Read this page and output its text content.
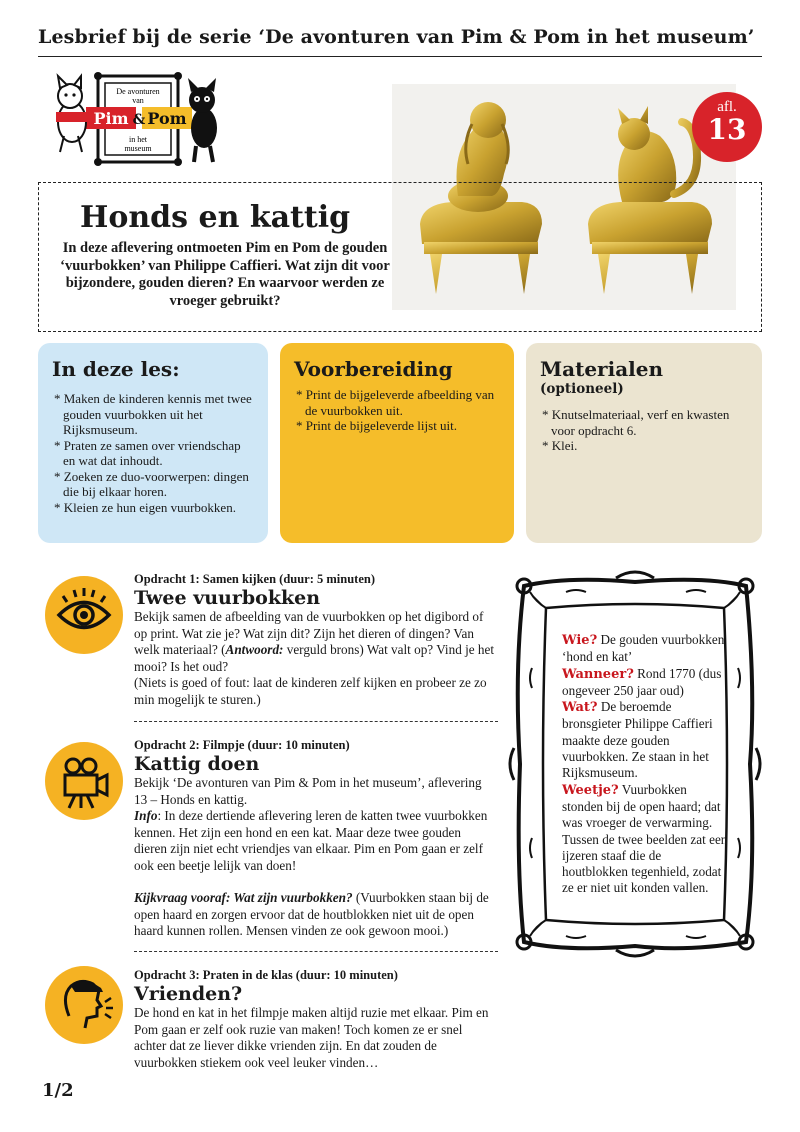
Lesbrief bij de serie ‘De avonturen van Pim & Pom in het museum’
De avonturen
van
Pim & Pom
in het
museum
afl.
13
Honds en kattig
In deze aflevering ontmoeten Pim en Pom de gouden ‘vuurbokken’ van Philippe Caffieri. Wat zijn dit voor bijzondere, gouden dieren? En waarvoor werden ze vroeger gebruikt?
In deze les:
* Maken de kinderen kennis met twee gouden vuurbokken uit het Rijksmuseum.
* Praten ze samen over vriendschap en wat dat inhoudt.
* Zoeken ze duo-voorwerpen: dingen die bij elkaar horen.
* Kleien ze hun eigen vuurbokken.
Voorbereiding
* Print de bijgeleverde afbeelding van de vuurbokken uit.
* Print de bijgeleverde lijst uit.
Materialen
(optioneel)
* Knutselmateriaal, verf en kwasten voor opdracht 6.
* Klei.
Opdracht 1: Samen kijken (duur: 5 minuten)
Twee vuurbokken

Bekijk samen de afbeelding van de vuurbokken op het digibord of op print. Wat zie je? Wat zijn dit? Zijn het dieren of dingen? Van welk materiaal? (Antwoord: verguld brons) Wat valt op? Vind je het mooi? Is het oud?

(Niets is goed of fout: laat de kinderen zelf kijken en probeer ze zo min mogelijk te sturen.)

Opdracht 2: Filmpje (duur: 10 minuten)
Kattig doen

Bekijk ‘De avonturen van Pim & Pom in het museum’, aflevering 13 – Honds en kattig.

Info: In deze dertiende aflevering leren de katten twee vuurbokken kennen. Het zijn een hond en een kat. Maar deze twee gouden dieren zijn niet echt vriendjes van elkaar. Pim en Pom gaan er zelf ook een beetje lelijk van doen!

Kijkvraag vooraf: Wat zijn vuurbokken? (Vuurbokken staan bij de open haard en zorgen ervoor dat de houtblokken niet uit de open haard kunnen rollen. Mensen vinden ze ook gewoon mooi.)

Opdracht 3: Praten in de klas (duur: 10 minuten)
Vrienden?

De hond en kat in het filmpje maken altijd ruzie met elkaar. Pim en Pom gaan er zelf ook ruzie van maken! Toch komen ze er snel achter dat ze liever dikke vrienden zijn. En dat zouden de vuurbokken stiekem ook veel leuker vinden…

Wie? De gouden vuurbokken ‘hond en kat’
Wanneer? Rond 1770 (dus ongeveer 250 jaar oud)
Wat? De beroemde bronsgieter Philippe Caffieri maakte deze gouden vuurbokken. Ze staan in het Rijksmuseum.
Weetje? Vuurbokken stonden bij de open haard; dat was vroeger de verwarming. Tussen de twee beelden zat een ijzeren staaf die de houtblokken tegenhield, zodat ze er niet uit konden vallen.
1/2
